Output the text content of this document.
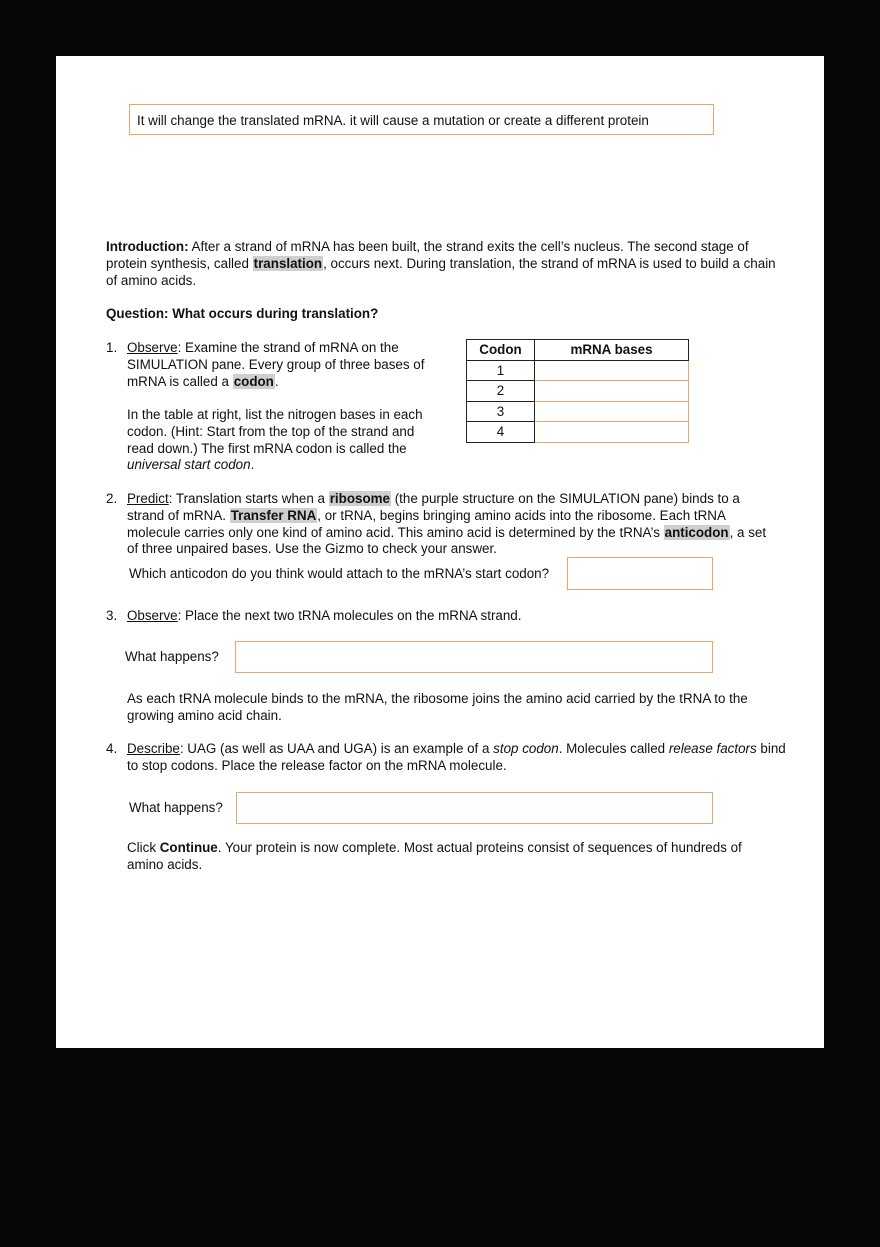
It will change the translated mRNA. it will cause a mutation or create a different protein
Introduction: After a strand of mRNA has been built, the strand exits the cell’s nucleus. The second stage of protein synthesis, called translation, occurs next. During translation, the strand of mRNA is used to build a chain of amino acids.
Question: What occurs during translation?
1. Observe: Examine the strand of mRNA on the SIMULATION pane. Every group of three bases of mRNA is called a codon.
In the table at right, list the nitrogen bases in each codon. (Hint: Start from the top of the strand and read down.) The first mRNA codon is called the universal start codon.
Codon	mRNA bases
1	
2	
3	
4	
2. Predict: Translation starts when a ribosome (the purple structure on the SIMULATION pane) binds to a strand of mRNA. Transfer RNA, or tRNA, begins bringing amino acids into the ribosome. Each tRNA molecule carries only one kind of amino acid. This amino acid is determined by the tRNA’s anticodon, a set of three unpaired bases. Use the Gizmo to check your answer.
Which anticodon do you think would attach to the mRNA’s start codon?
3. Observe: Place the next two tRNA molecules on the mRNA strand.
What happens?
As each tRNA molecule binds to the mRNA, the ribosome joins the amino acid carried by the tRNA to the growing amino acid chain.
4. Describe: UAG (as well as UAA and UGA) is an example of a stop codon. Molecules called release factors bind to stop codons. Place the release factor on the mRNA molecule.
What happens?
Click Continue. Your protein is now complete. Most actual proteins consist of sequences of hundreds of amino acids.
